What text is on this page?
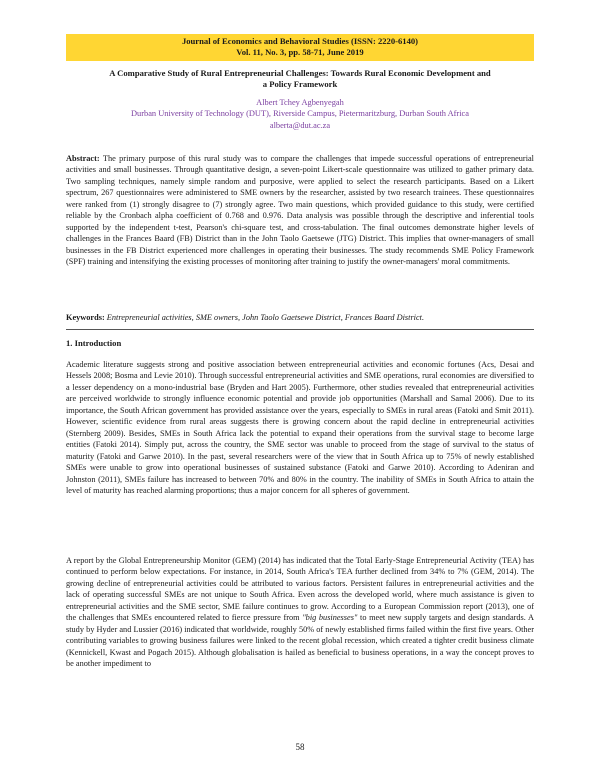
Journal of Economics and Behavioral Studies (ISSN: 2220-6140)
Vol. 11, No. 3, pp. 58-71, June 2019
A Comparative Study of Rural Entrepreneurial Challenges: Towards Rural Economic Development and
a Policy Framework
Albert Tchey Agbenyegah
Durban University of Technology (DUT), Riverside Campus, Pietermaritzburg, Durban South Africa
alberta@dut.ac.za
Abstract: The primary purpose of this rural study was to compare the challenges that impede successful operations of entrepreneurial activities and small businesses. Through quantitative design, a seven-point Likert-scale questionnaire was utilized to gather primary data. Two sampling techniques, namely simple random and purposive, were applied to select the research participants. Based on a Likert spectrum, 267 questionnaires were administered to SME owners by the researcher, assisted by two research trainees. These questionnaires were ranked from (1) strongly disagree to (7) strongly agree. Two main questions, which provided guidance to this study, were certified reliable by the Cronbach alpha coefficient of 0.768 and 0.976. Data analysis was possible through the descriptive and inferential tools supported by the independent t-test, Pearson's chi-square test, and cross-tabulation. The final outcomes demonstrate higher levels of challenges in the Frances Baard (FB) District than in the John Taolo Gaetsewe (JTG) District. This implies that owner-managers of small businesses in the FB District experienced more challenges in operating their businesses. The study recommends SME Policy Framework (SPF) training and intensifying the existing processes of monitoring after training to justify the owner-managers' moral commitments.
Keywords: Entrepreneurial activities, SME owners, John Taolo Gaetsewe District, Frances Baard District.
1. Introduction

Academic literature suggests strong and positive association between entrepreneurial activities and economic fortunes (Acs, Desai and Hessels 2008; Bosma and Levie 2010). Through successful entrepreneurial activities and SME operations, rural economies are diversified to a lesser dependency on a mono-industrial base (Bryden and Hart 2005). Furthermore, other studies revealed that entrepreneurial activities are perceived worldwide to strongly influence economic potential and provide job opportunities (Marshall and Samal 2006). Due to its importance, the South African government has provided assistance over the years, especially to SMEs in rural areas (Fatoki and Smit 2011). However, scientific evidence from rural areas suggests there is growing concern about the rapid decline in entrepreneurial activities (Sternberg 2009). Besides, SMEs in South Africa lack the potential to expand their operations from the survival stage to become large entities (Fatoki 2014). Simply put, across the country, the SME sector was unable to proceed from the stage of survival to the status of maturity (Fatoki and Garwe 2010). In the past, several researchers were of the view that in South Africa up to 75% of newly established SMEs were unable to grow into operational businesses of sustained substance (Fatoki and Garwe 2010). According to Adeniran and Johnston (2011), SMEs failure has increased to between 70% and 80% in the country. The inability of SMEs in South Africa to attain the level of maturity has reached alarming proportions; thus a major concern for all spheres of government.

A report by the Global Entrepreneurship Monitor (GEM) (2014) has indicated that the Total Early-Stage Entrepreneurial Activity (TEA) has continued to perform below expectations. For instance, in 2014, South Africa's TEA further declined from 34% to 7% (GEM, 2014). The growing decline of entrepreneurial activities could be attributed to various factors. Persistent failures in entrepreneurial activities and the lack of operating successful SMEs are not unique to South Africa. Even across the developed world, where much assistance is given to entrepreneurial activities and the SME sector, SME failure continues to grow. According to a European Commission report (2013), one of the challenges that SMEs encountered related to fierce pressure from "big businesses" to meet new supply targets and design standards. A study by Hyder and Lussier (2016) indicated that worldwide, roughly 50% of newly established firms failed within the first five years. Other contributing variables to growing business failures were linked to the recent global recession, which created a tighter credit business climate (Kennickell, Kwast and Pogach 2015). Although globalisation is hailed as beneficial to business operations, in a way the concept proves to be another impediment to

58
